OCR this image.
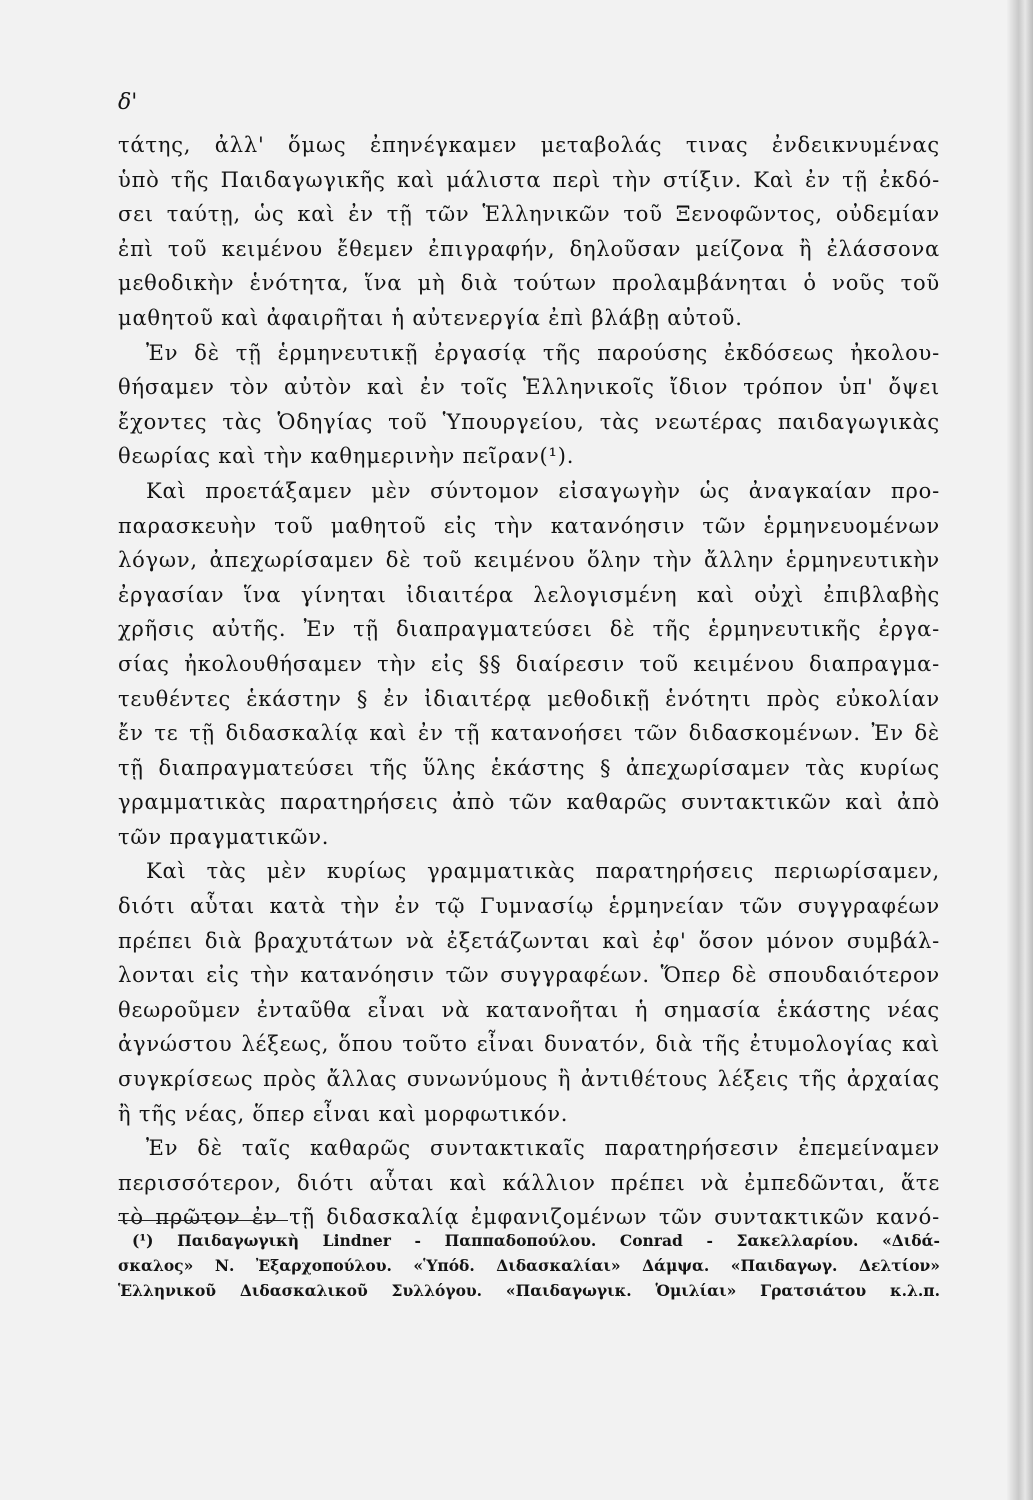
δ'
τάτης, ἀλλ' ὅμως ἐπηνέγκαμεν μεταβολάς τινας ἐνδεικνυμένας
ὑπὸ τῆς Παιδαγωγικῆς καὶ μάλιστα περὶ τὴν στίξιν. Καὶ ἐν τῇ ἐκδό-
σει ταύτῃ, ὡς καὶ ἐν τῇ τῶν Ἑλληνικῶν τοῦ Ξενοφῶντος, οὐδεμίαν
ἐπὶ τοῦ κειμένου ἔθεμεν ἐπιγραφήν, δηλοῦσαν μείζονα ἢ ἐλάσσονα
μεθοδικὴν ἑνότητα, ἵνα μὴ διὰ τούτων προλαμβάνηται ὁ νοῦς τοῦ
μαθητοῦ καὶ ἀφαιρῆται ἡ αὐτενεργία ἐπὶ βλάβῃ αὐτοῦ.
Ἐν δὲ τῇ ἑρμηνευτικῇ ἐργασίᾳ τῆς παρούσης ἐκδόσεως ἠκολου-
θήσαμεν τὸν αὐτὸν καὶ ἐν τοῖς Ἑλληνικοῖς ἴδιον τρόπον ὑπ' ὄψει
ἔχοντες τὰς Ὁδηγίας τοῦ Ὑπουργείου, τὰς νεωτέρας παιδαγωγικὰς
θεωρίας καὶ τὴν καθημερινὴν πεῖραν(¹).
Καὶ προετάξαμεν μὲν σύντομον εἰσαγωγὴν ὡς ἀναγκαίαν προ-
παρασκευὴν τοῦ μαθητοῦ εἰς τὴν κατανόησιν τῶν ἑρμηνευομένων
λόγων, ἀπεχωρίσαμεν δὲ τοῦ κειμένου ὅλην τὴν ἄλλην ἑρμηνευτικὴν
ἐργασίαν ἵνα γίνηται ἰδιαιτέρα λελογισμένη καὶ οὐχὶ ἐπιβλαβὴς
χρῆσις αὐτῆς. Ἐν τῇ διαπραγματεύσει δὲ τῆς ἑρμηνευτικῆς ἐργα-
σίας ἠκολουθήσαμεν τὴν εἰς §§ διαίρεσιν τοῦ κειμένου διαπραγμα-
τευθέντες ἑκάστην § ἐν ἰδιαιτέρᾳ μεθοδικῇ ἑνότητι πρὸς εὐκολίαν
ἔν τε τῇ διδασκαλίᾳ καὶ ἐν τῇ κατανοήσει τῶν διδασκομένων. Ἐν δὲ
τῇ διαπραγματεύσει τῆς ὕλης ἑκάστης § ἀπεχωρίσαμεν τὰς κυρίως
γραμματικὰς παρατηρήσεις ἀπὸ τῶν καθαρῶς συντακτικῶν καὶ ἀπὸ
τῶν πραγματικῶν.
Καὶ τὰς μὲν κυρίως γραμματικὰς παρατηρήσεις περιωρίσαμεν,
διότι αὗται κατὰ τὴν ἐν τῷ Γυμνασίῳ ἑρμηνείαν τῶν συγγραφέων
πρέπει διὰ βραχυτάτων νὰ ἐξετάζωνται καὶ ἐφ' ὅσον μόνον συμβάλ-
λονται εἰς τὴν κατανόησιν τῶν συγγραφέων. Ὅπερ δὲ σπουδαιότερον
θεωροῦμεν ἐνταῦθα εἶναι νὰ κατανοῆται ἡ σημασία ἑκάστης νέας
ἀγνώστου λέξεως, ὅπου τοῦτο εἶναι δυνατόν, διὰ τῆς ἐτυμολογίας καὶ
συγκρίσεως πρὸς ἄλλας συνωνύμους ἢ ἀντιθέτους λέξεις τῆς ἀρχαίας
ἢ τῆς νέας, ὅπερ εἶναι καὶ μορφωτικόν.
Ἐν δὲ ταῖς καθαρῶς συντακτικαῖς παρατηρήσεσιν ἐπεμείναμεν
περισσότερον, διότι αὗται καὶ κάλλιον πρέπει νὰ ἐμπεδῶνται, ἅτε
τὸ πρῶτον ἐν τῇ διδασκαλίᾳ ἐμφανιζομένων τῶν συντακτικῶν κανό-
(¹) Παιδαγωγικὴ Lindner - Παππαδοπούλου. Conrad - Σακελλαρίου. «Διδά-
σκαλος» Ν. Ἐξαρχοπούλου. «Ὑπόδ. Διδασκαλίαι» Δάμψα. «Παιδαγωγ. Δελτίον»
Ἑλληνικοῦ Διδασκαλικοῦ Συλλόγου. «Παιδαγωγικ. Ὁμιλίαι» Γρατσιάτου κ.λ.π.
